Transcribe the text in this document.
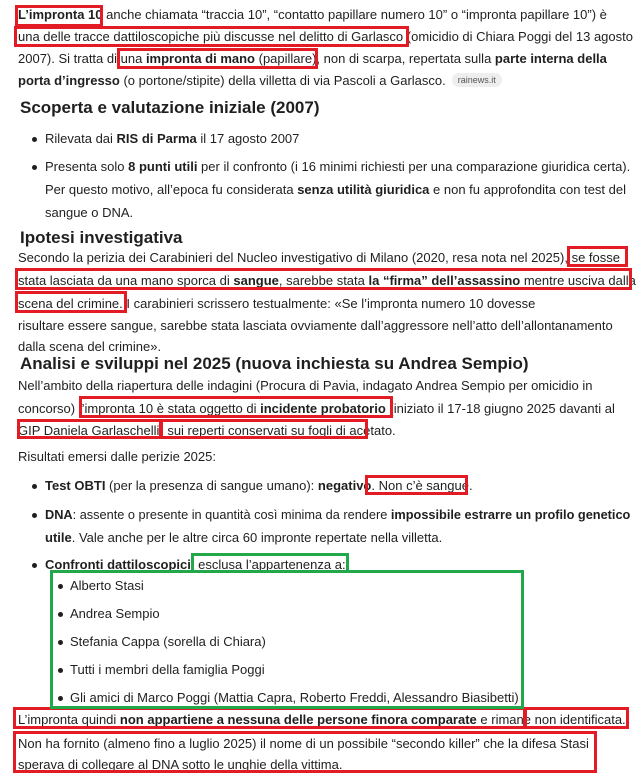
L’impronta 10 anche chiamata “traccia 10”, “contatto papillare numero 10” o “impronta papillare 10”) è
una delle tracce dattiloscopiche più discusse nel delitto di Garlasco (omicidio di Chiara Poggi del 13 agosto
2007). Si tratta di una impronta di mano (papillare), non di scarpa, repertata sulla parte interna della
porta d’ingresso (o portone/stipite) della villetta di via Pascoli a Garlasco. rainews.it
Scoperta e valutazione iniziale (2007)
Rilevata dai RIS di Parma il 17 agosto 2007
Presenta solo 8 punti utili per il confronto (i 16 minimi richiesti per una comparazione giuridica certa).
Per questo motivo, all’epoca fu considerata senza utilità giuridica e non fu approfondita con test del
sangue o DNA.
Ipotesi investigativa
Secondo la perizia dei Carabinieri del Nucleo investigativo di Milano (2020, resa nota nel 2025), se fosse
stata lasciata da una mano sporca di sangue, sarebbe stata la “firma” dell’assassino mentre usciva dalla
scena del crimine. I carabinieri scrissero testualmente: «Se l’impronta numero 10 dovesse
risultare essere sangue, sarebbe stata lasciata ovviamente dall’aggressore nell’atto dell’allontanamento
dalla scena del crimine».
Analisi e sviluppi nel 2025 (nuova inchiesta su Andrea Sempio)
Nell’ambito della riapertura delle indagini (Procura di Pavia, indagato Andrea Sempio per omicidio in
concorso) l’impronta 10 è stata oggetto di incidente probatorio (iniziato il 17-18 giugno 2025 davanti al
GIP Daniela Garlaschelli) sui reperti conservati su fogli di acetato.
Risultati emersi dalle perizie 2025:
Test OBTI (per la presenza di sangue umano): negativo. Non c’è sangue.
DNA: assente o presente in quantità così minima da rendere impossibile estrarre un profilo genetico
utile. Vale anche per le altre circa 60 impronte repertate nella villetta.
Confronti dattiloscopici: esclusa l’appartenenza a:
Alberto Stasi
Andrea Sempio
Stefania Cappa (sorella di Chiara)
Tutti i membri della famiglia Poggi
Gli amici di Marco Poggi (Mattia Capra, Roberto Freddi, Alessandro Biasibetti)
L’impronta quindi non appartiene a nessuna delle persone finora comparate e rimane non identificata.
Non ha fornito (almeno fino a luglio 2025) il nome di un possibile “secondo killer” che la difesa Stasi
sperava di collegare al DNA sotto le unghie della vittima.
